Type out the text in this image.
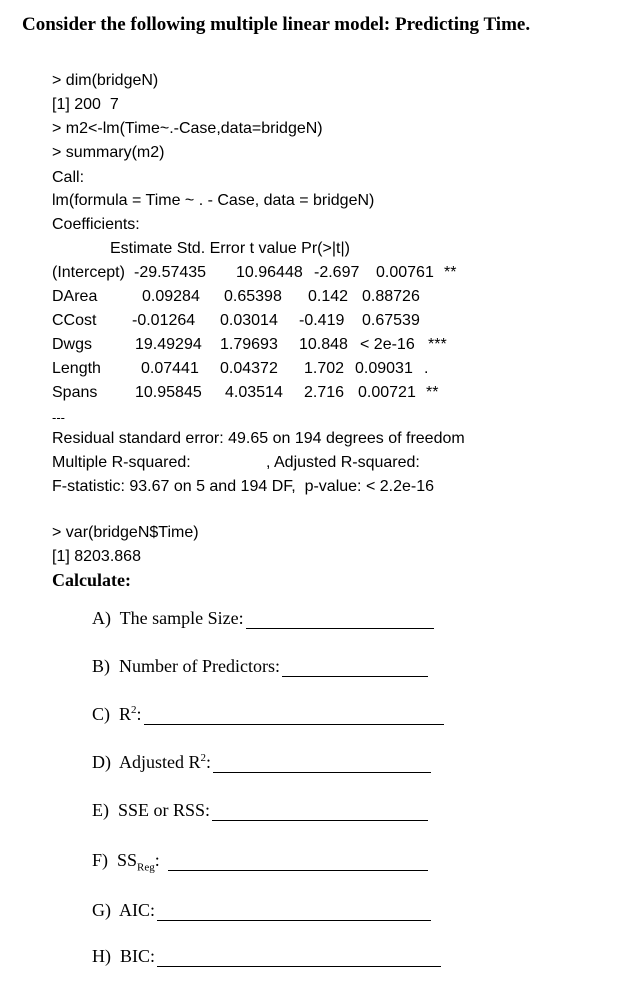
Consider the following multiple linear model: Predicting Time.
> dim(bridgeN)
[1] 200  7
> m2<-lm(Time~.-Case,data=bridgeN)
> summary(m2)
Call:
lm(formula = Time ~ . - Case, data = bridgeN)
Coefficients:
Estimate Std. Error t value Pr(>|t|)
(Intercept) -29.57435 10.96448 -2.697 0.00761 **
DArea	0.09284 0.65398 0.142 0.88726
CCost -0.01264 0.03014 -0.419 0.67539
Dwgs	19.49294 1.79693 10.848 < 2e-16 ***
Length	0.07441 0.04372 1.702 0.09031 .
Spans 10.95845 4.03514 2.716 0.00721 **
---
Residual standard error: 49.65 on 194 degrees of freedom
Multiple R-squared:	, Adjusted R-squared:
F-statistic: 93.67 on 5 and 194 DF,  p-value: < 2.2e-16
> var(bridgeN$Time)
[1] 8203.868
Calculate:
A)  The sample Size:
B)  Number of Predictors:
C)  $R^2$:
D)  Adjusted $R^2$:
E)  SSE or RSS:
F)  $SS_{Reg}$:
G)  AIC:
H)  BIC:
